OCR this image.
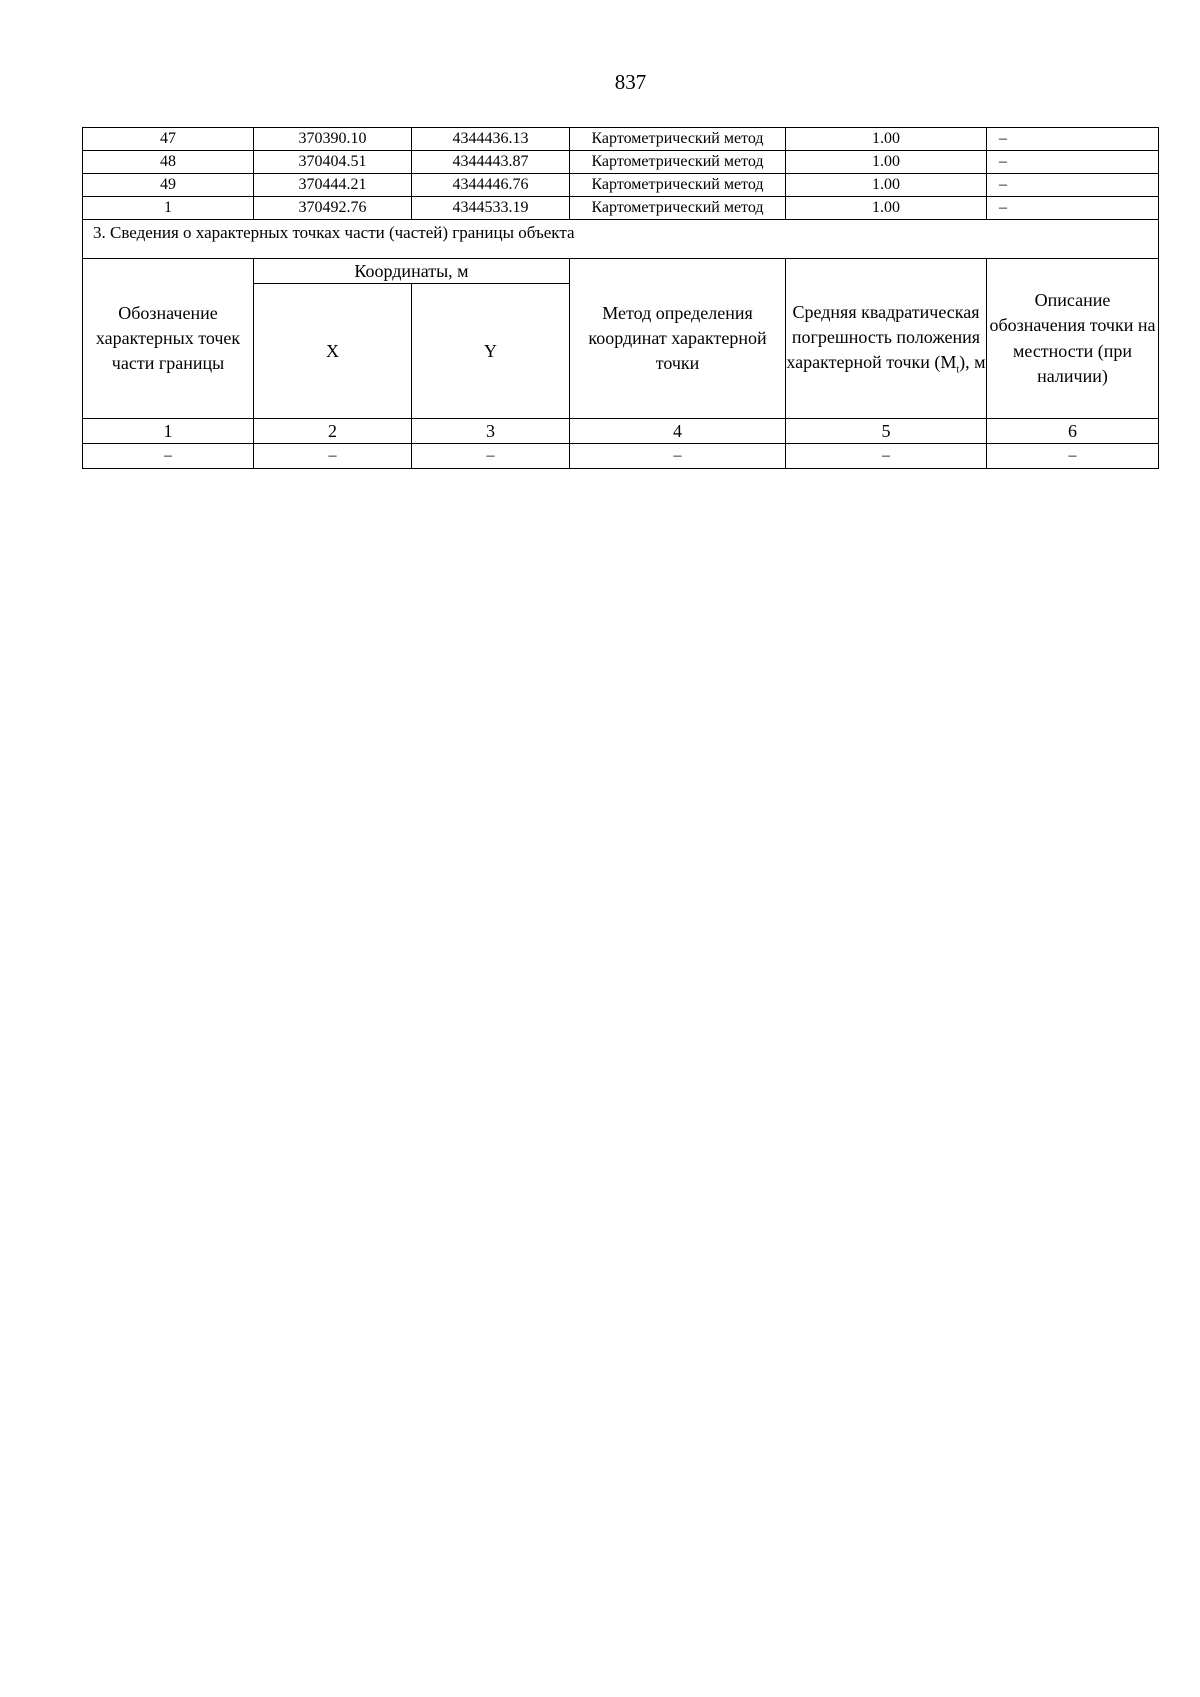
837
47	370390.10	4344436.13	Картометрический метод	1.00	–
48	370404.51	4344443.87	Картометрический метод	1.00	–
49	370444.21	4344446.76	Картометрический метод	1.00	–
1	370492.76	4344533.19	Картометрический метод	1.00	–
3. Сведения о характерных точках части (частей) границы объекта					
Обозначение характерных точек части границы	Координаты, м		Метод определения координат характерной точки	Средняя квадратическая погрешность положения характерной точки $(M_t)$, м	Описание обозначения точки на местности (при наличии)
	X	Y			
1	2	3	4	5	6
–	–	–	–	–	–
